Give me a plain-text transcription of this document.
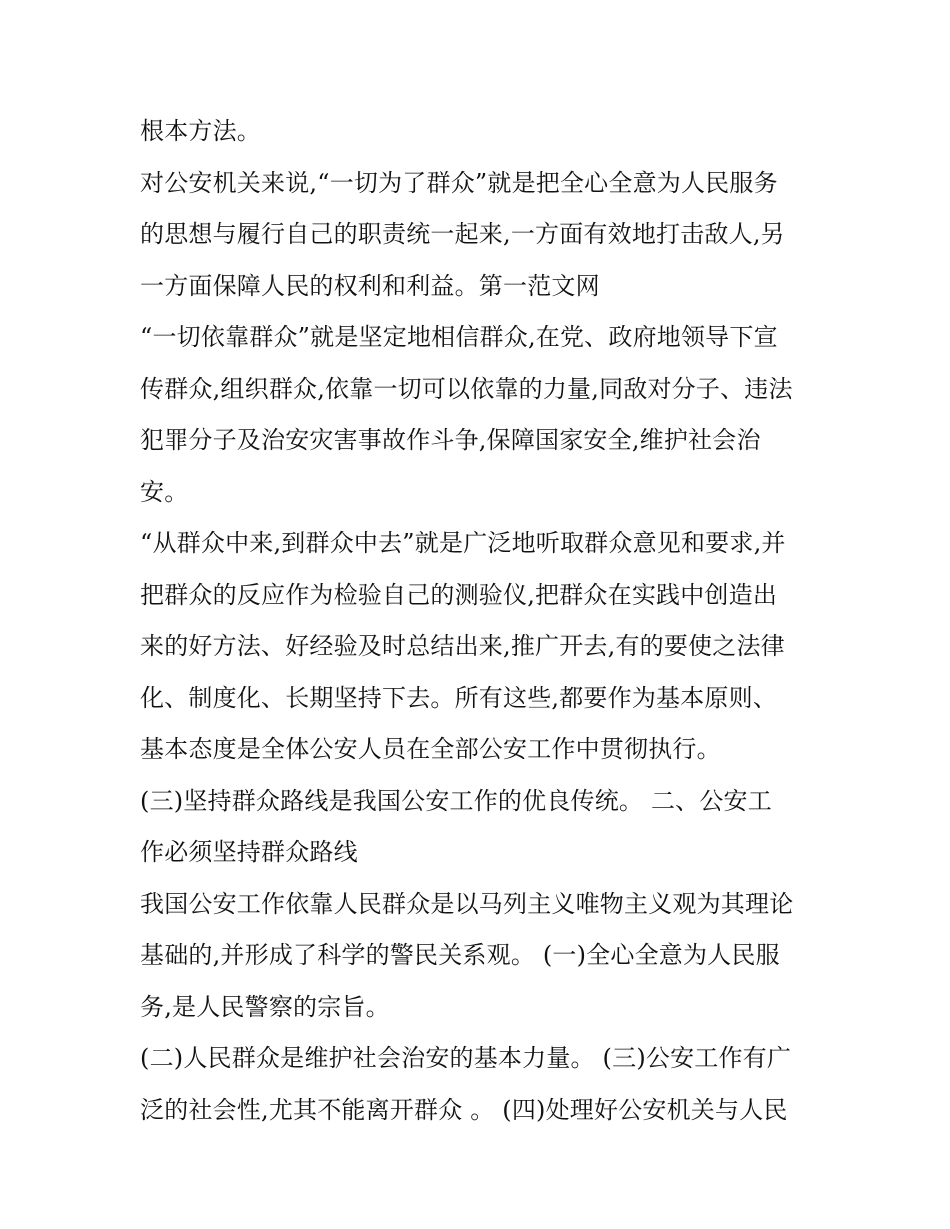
根本方法。
对公安机关来说,“一切为了群众”就是把全心全意为人民服务
的思想与履行自己的职责统一起来,一方面有效地打击敌人,另
一方面保障人民的权利和利益。第一范文网
“一切依靠群众”就是坚定地相信群众,在党、政府地领导下宣
传群众,组织群众,依靠一切可以依靠的力量,同敌对分子、违法
犯罪分子及治安灾害事故作斗争,保障国家安全,维护社会治
安。
“从群众中来,到群众中去”就是广泛地听取群众意见和要求,并
把群众的反应作为检验自己的测验仪,把群众在实践中创造出
来的好方法、好经验及时总结出来,推广开去,有的要使之法律
化、制度化、长期坚持下去。所有这些,都要作为基本原则、
基本态度是全体公安人员在全部公安工作中贯彻执行。
(三)坚持群众路线是我国公安工作的优良传统。 二、公安工
作必须坚持群众路线
我国公安工作依靠人民群众是以马列主义唯物主义观为其理论
基础的,并形成了科学的警民关系观。 (一)全心全意为人民服
务,是人民警察的宗旨。
(二)人民群众是维护社会治安的基本力量。 (三)公安工作有广
泛的社会性,尤其不能离开群众 。 (四)处理好公安机关与人民
